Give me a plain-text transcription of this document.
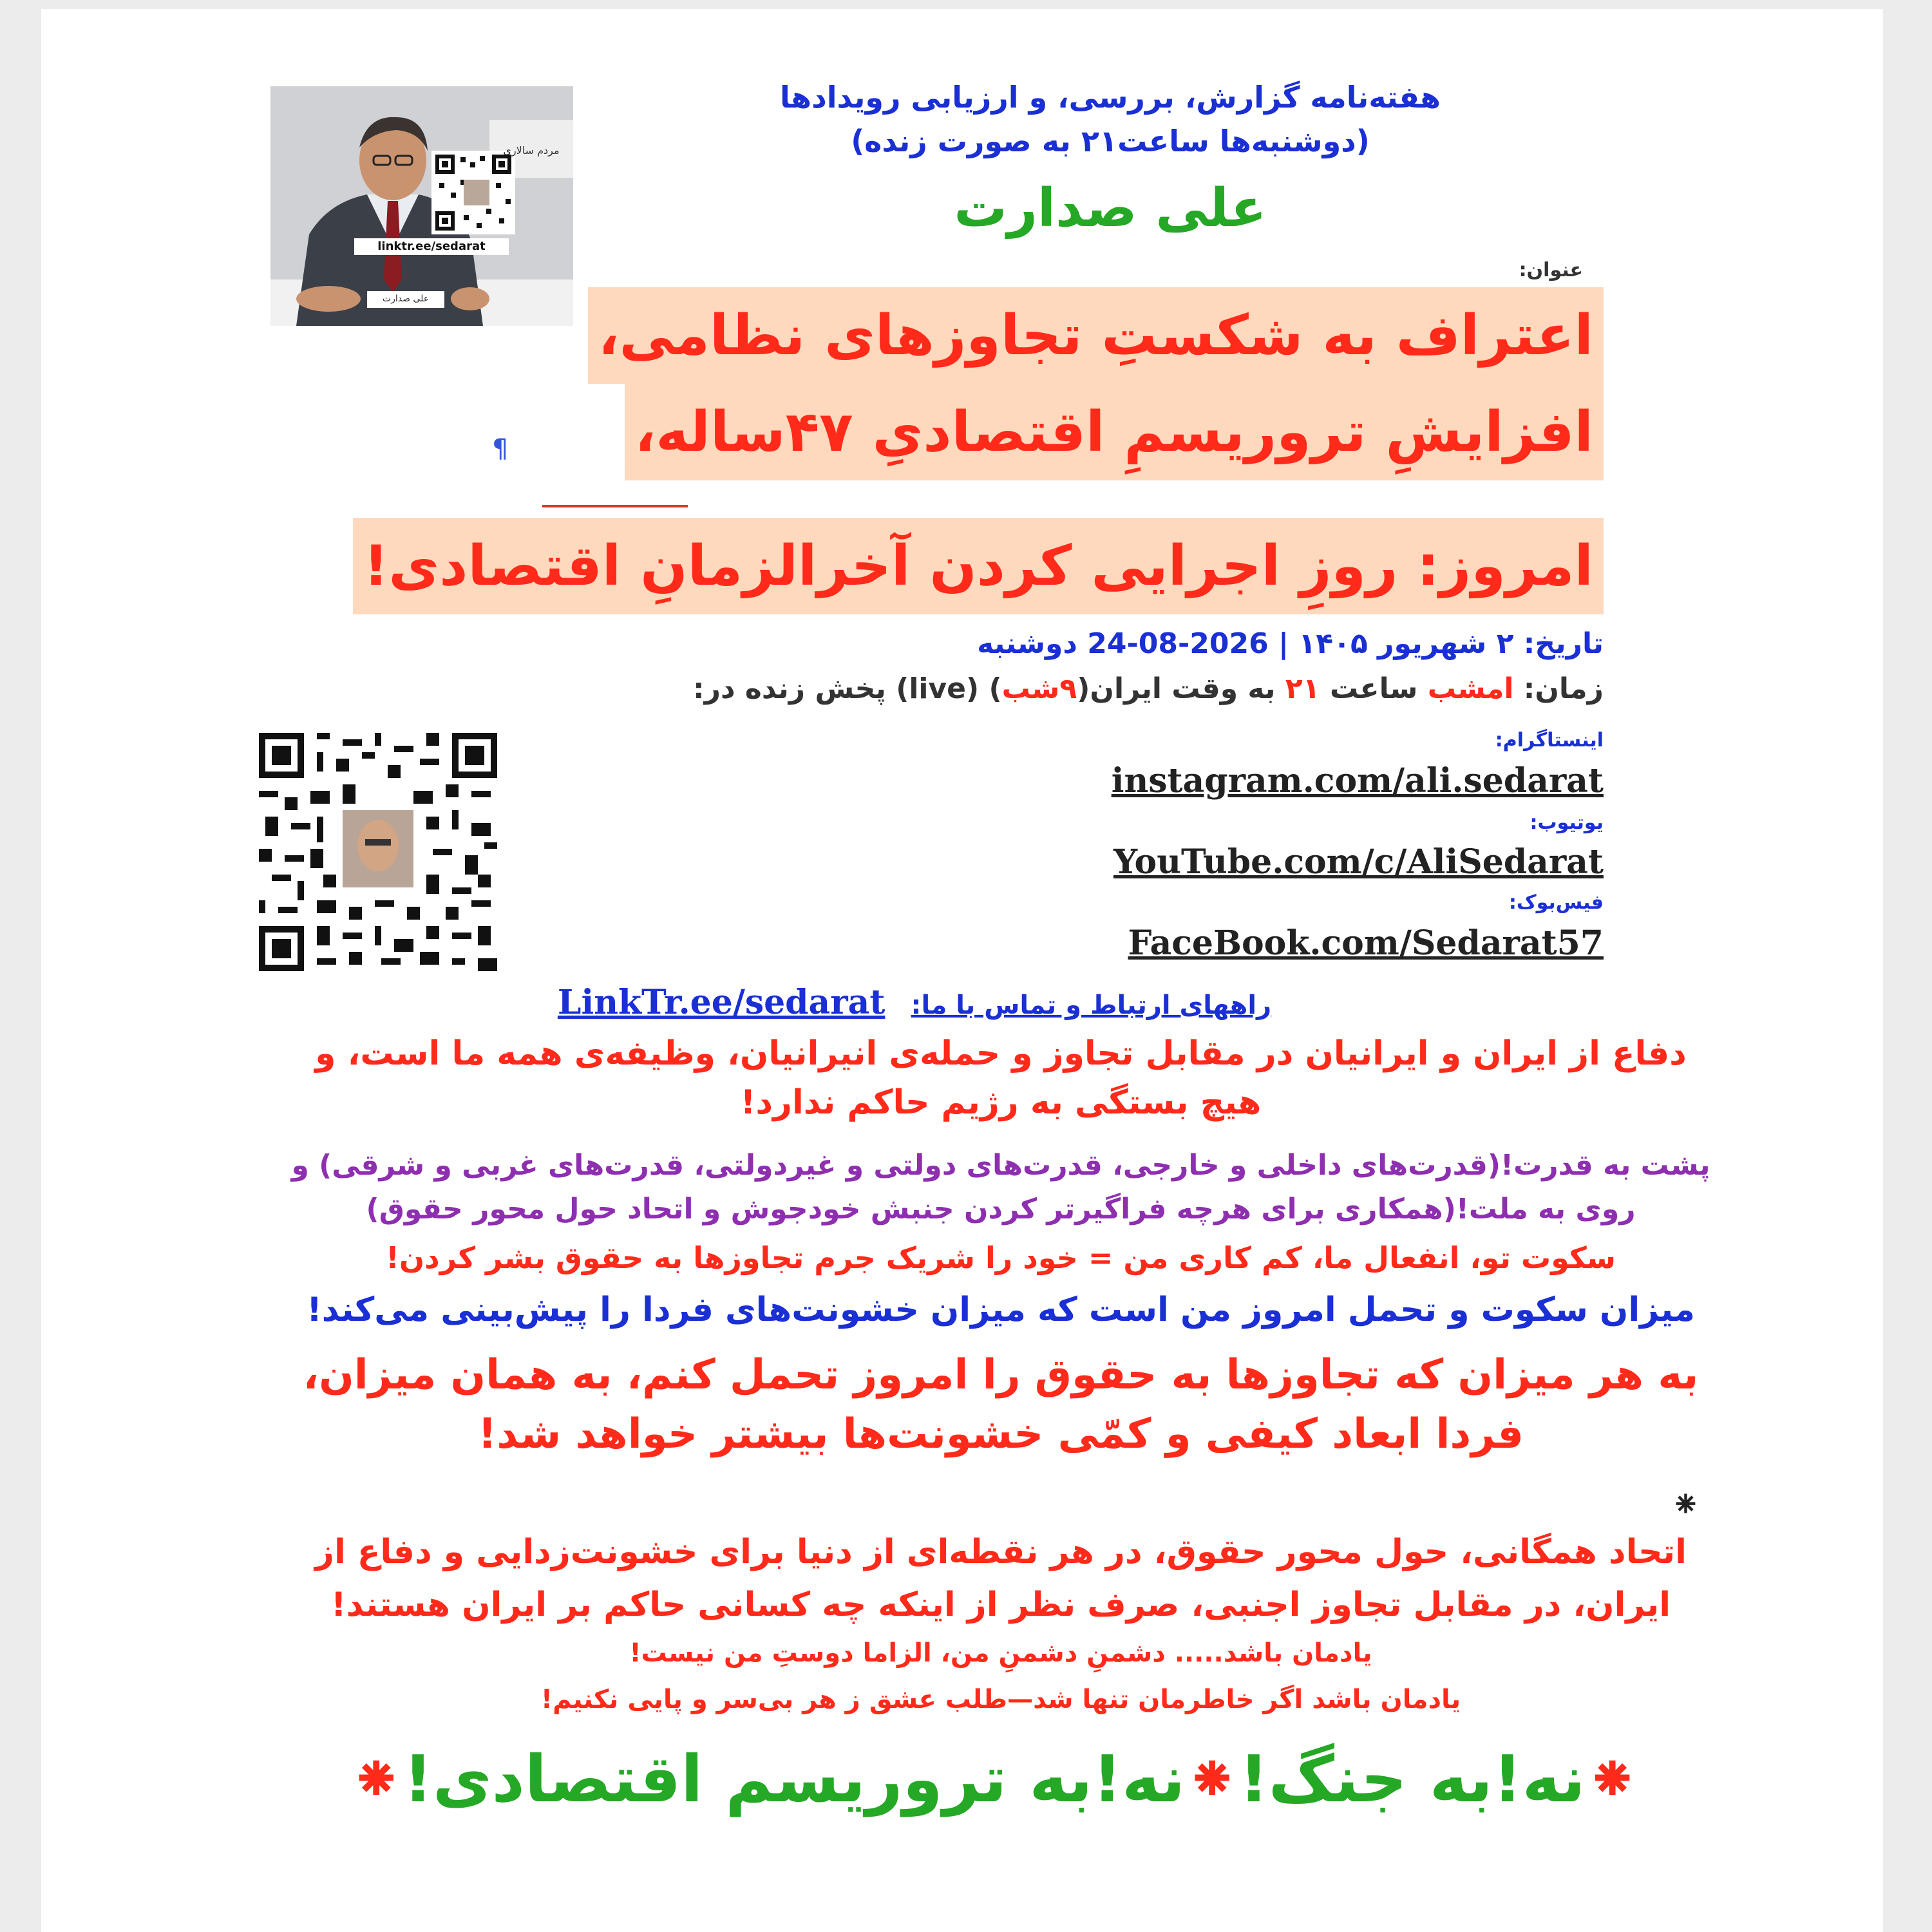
مردم سالاری
linktr.ee/sedarat
علی صدارت
هفته‌نامه گزارش، بررسی، و ارزیابی رویدادها
(دوشنبه‌ها ساعت۲۱ به صورت زنده)
علی صدارت
عنوان:
اعتراف به شکستِ تجاوزهای نظامی،
افزایشِ تروریسمِ اقتصادیِ ۴۷ساله،
¶
امروز: روزِ اجرایی کردن آخرالزمانِ اقتصادی!
تاریخ: ۲ شهریور ۱۴۰۵ | 2026-08-24 دوشنبه
زمان: امشب ساعت ۲۱ به وقت ایران(۹شب) (live) پخش زنده در:
اینستاگرام:
instagram.com/ali.sedarat
یوتیوب:
YouTube.com/c/AliSedarat
فیس‌بوک:
FaceBook.com/Sedarat57
راههای ارتباط و تماس با ما:  LinkTr.ee/sedarat
دفاع از ایران و ایرانیان در مقابل تجاوز و حمله‌ی انیرانیان، وظیفه‌ی همه ما است، و
هیچ بستگی به رژیم حاکم ندارد!
پشت به قدرت!(قدرت‌های داخلی و خارجی، قدرت‌های دولتی و غیردولتی، قدرت‌های غربی و شرقی) و
روی به ملت!(همکاری برای هرچه فراگیرتر کردن جنبش خودجوش و اتحاد حول محور حقوق)
سکوت تو، انفعال ما، کم کاری من = خود را شریک جرم تجاوزها به حقوق بشر کردن!
میزان سکوت و تحمل امروز من است که میزان خشونت‌های فردا را پیش‌بینی می‌کند!
به هر میزان که تجاوزها به حقوق را امروز تحمل کنم، به همان میزان،
فردا ابعاد کیفی و کمّی خشونت‌ها بیشتر خواهد شد!
⁕
اتحاد همگانی، حول محور حقوق، در هر نقطه‌ای از دنیا برای خشونت‌زدایی و دفاع از
ایران، در مقابل تجاوز اجنبی، صرف نظر از اینکه چه کسانی حاکم بر ایران هستند!
یادمان باشد..... دشمنِ دشمنِ من، الزاما دوستِ من نیست!
یادمان باشد اگر خاطرمان تنها شد—طلب عشق ز هر بی‌سر و پایی نکنیم!
⁕نه!به جنگ!⁕نه!به تروریسم اقتصادی!⁕
